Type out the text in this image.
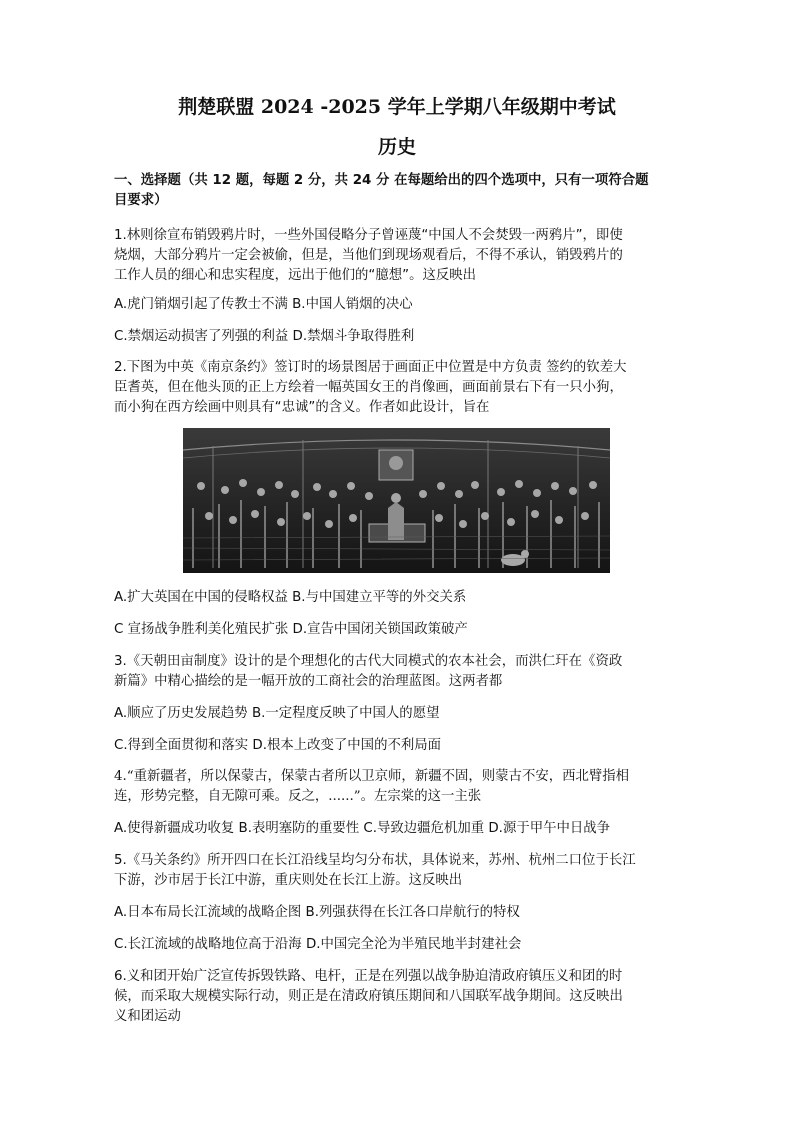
荆楚联盟 2024 -2025 学年上学期八年级期中考试
历史
一、选择题（共 12 题，每题 2 分，共 24 分 在每题给出的四个选项中，只有一项符合题
目要求）
1.林则徐宣布销毁鸦片时，一些外国侵略分子曾诬蔑“中国人不会焚毁一两鸦片”，即使
烧烟，大部分鸦片一定会被偷，但是，当他们到现场观看后，不得不承认，销毁鸦片的
工作人员的细心和忠实程度，远出于他们的“臆想”。这反映出
A.虎门销烟引起了传教士不满 B.中国人销烟的决心
C.禁烟运动损害了列强的利益 D.禁烟斗争取得胜利
2.下图为中英《南京条约》签订时的场景图居于画面正中位置是中方负责 签约的钦差大
臣耆英，但在他头顶的正上方绘着一幅英国女王的肖像画，画面前景右下有一只小狗，
而小狗在西方绘画中则具有“忠诚”的含义。作者如此设计，旨在
A.扩大英国在中国的侵略权益 B.与中国建立平等的外交关系
C 宣扬战争胜利美化殖民扩张 D.宣告中国闭关锁国政策破产
3.《天朝田亩制度》设计的是个理想化的古代大同模式的农本社会，而洪仁玕在《资政
新篇》中精心描绘的是一幅开放的工商社会的治理蓝图。这两者都
A.顺应了历史发展趋势 B.一定程度反映了中国人的愿望
C.得到全面贯彻和落实 D.根本上改变了中国的不利局面
4.“重新疆者，所以保蒙古，保蒙古者所以卫京师，新疆不固，则蒙古不安，西北臂指相
连，形势完整，自无隙可乘。反之，......”。左宗棠的这一主张
A.使得新疆成功收复 B.表明塞防的重要性 C.导致边疆危机加重 D.源于甲午中日战争
5.《马关条约》所开四口在长江沿线呈均匀分布状，具体说来，苏州、杭州二口位于长江
下游，沙市居于长江中游，重庆则处在长江上游。这反映出
A.日本布局长江流域的战略企图 B.列强获得在长江各口岸航行的特权
C.长江流域的战略地位高于沿海 D.中国完全沦为半殖民地半封建社会
6.义和团开始广泛宣传拆毁铁路、电杆，正是在列强以战争胁迫清政府镇压义和团的时
候，而采取大规模实际行动，则正是在清政府镇压期间和八国联军战争期间。这反映出
义和团运动
